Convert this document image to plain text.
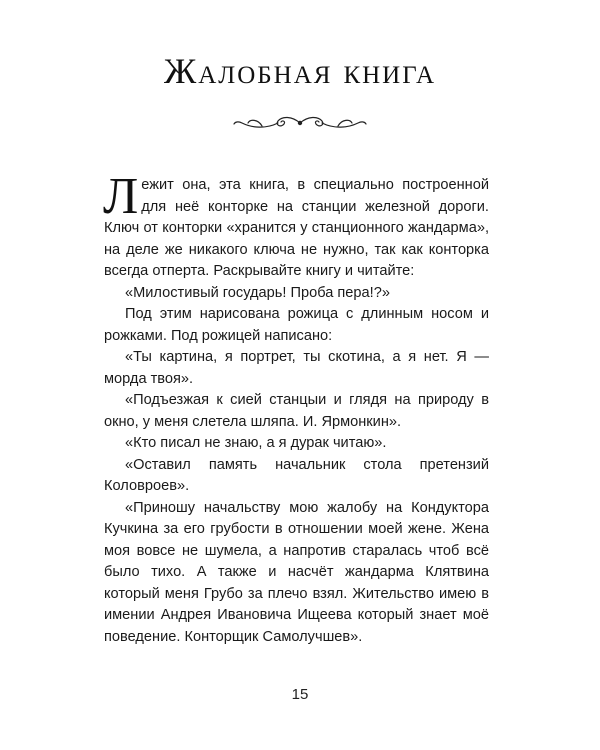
Жалобная книга

Лежит она, эта книга, в специально построенной для неё конторке на станции железной дороги. Ключ от конторки «хранится у станционного жандарма», на деле же никакого ключа не нужно, так как конторка всегда отперта. Раскрывайте книгу и читайте:

«Милостивый государь! Проба пера!?»

Под этим нарисована рожица с длинным носом и рожками. Под рожицей написано:

«Ты картина, я портрет, ты скотина, а я нет. Я — морда твоя».

«Подъезжая к сией станцыи и глядя на природу в окно, у меня слетела шляпа. И. Ярмонкин».

«Кто писал не знаю, а я дурак читаю».

«Оставил память начальник стола претензий Коловроев».

«Приношу начальству мою жалобу на Кондуктора Кучкина за его грубости в отношении моей жене. Жена моя вовсе не шумела, а напротив старалась чтоб всё было тихо. А также и насчёт жандарма Клятвина который меня Грубо за плечо взял. Жительство имею в имении Андрея Ивановича Ищеева который знает моё поведение. Конторщик Самолучшев».

15
